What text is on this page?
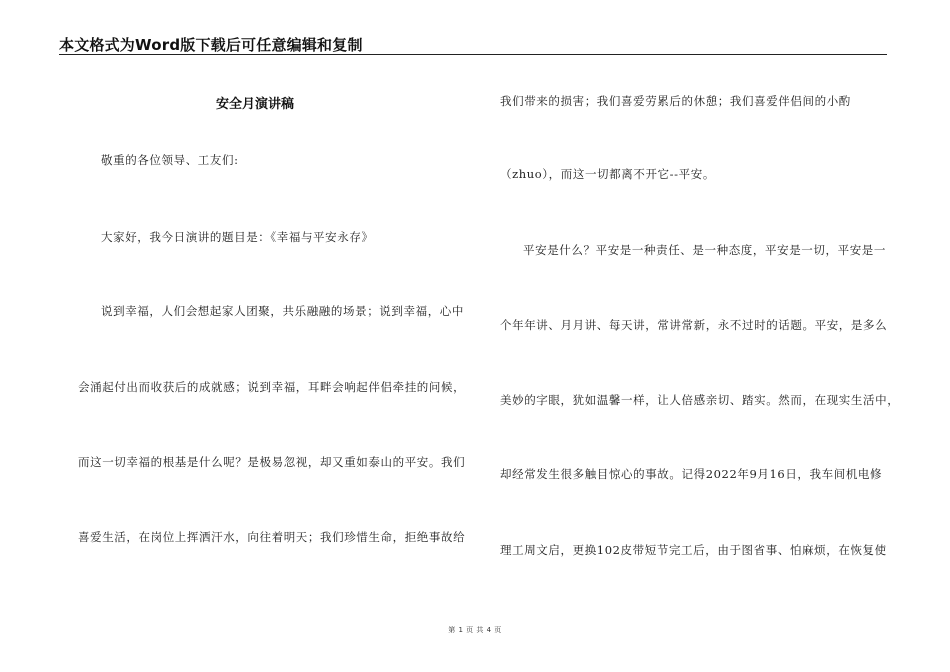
本文格式为Word版下载后可任意编辑和复制
安全月演讲稿
敬重的各位领导、工友们:
大家好，我今日演讲的题目是：《幸福与平安永存》
说到幸福，人们会想起家人团聚，共乐融融的场景；说到幸福，心中
会涌起付出而收获后的成就感；说到幸福，耳畔会响起伴侣牵挂的问候，
而这一切幸福的根基是什么呢？是极易忽视，却又重如泰山的平安。我们
喜爱生活，在岗位上挥洒汗水，向往着明天；我们珍惜生命，拒绝事故给
我们带来的损害；我们喜爱劳累后的休憩；我们喜爱伴侣间的小酌
（zhuo），而这一切都离不开它--平安。
平安是什么？平安是一种责任、是一种态度，平安是一切，平安是一
个年年讲、月月讲、每天讲，常讲常新，永不过时的话题。平安，是多么
美妙的字眼，犹如温馨一样，让人倍感亲切、踏实。然而，在现实生活中，
却经常发生很多触目惊心的事故。记得2022年9月16日，我车间机电修
理工周文启，更换102皮带短节完工后，由于图省事、怕麻烦，在恢复使
第 1 页 共 4 页
